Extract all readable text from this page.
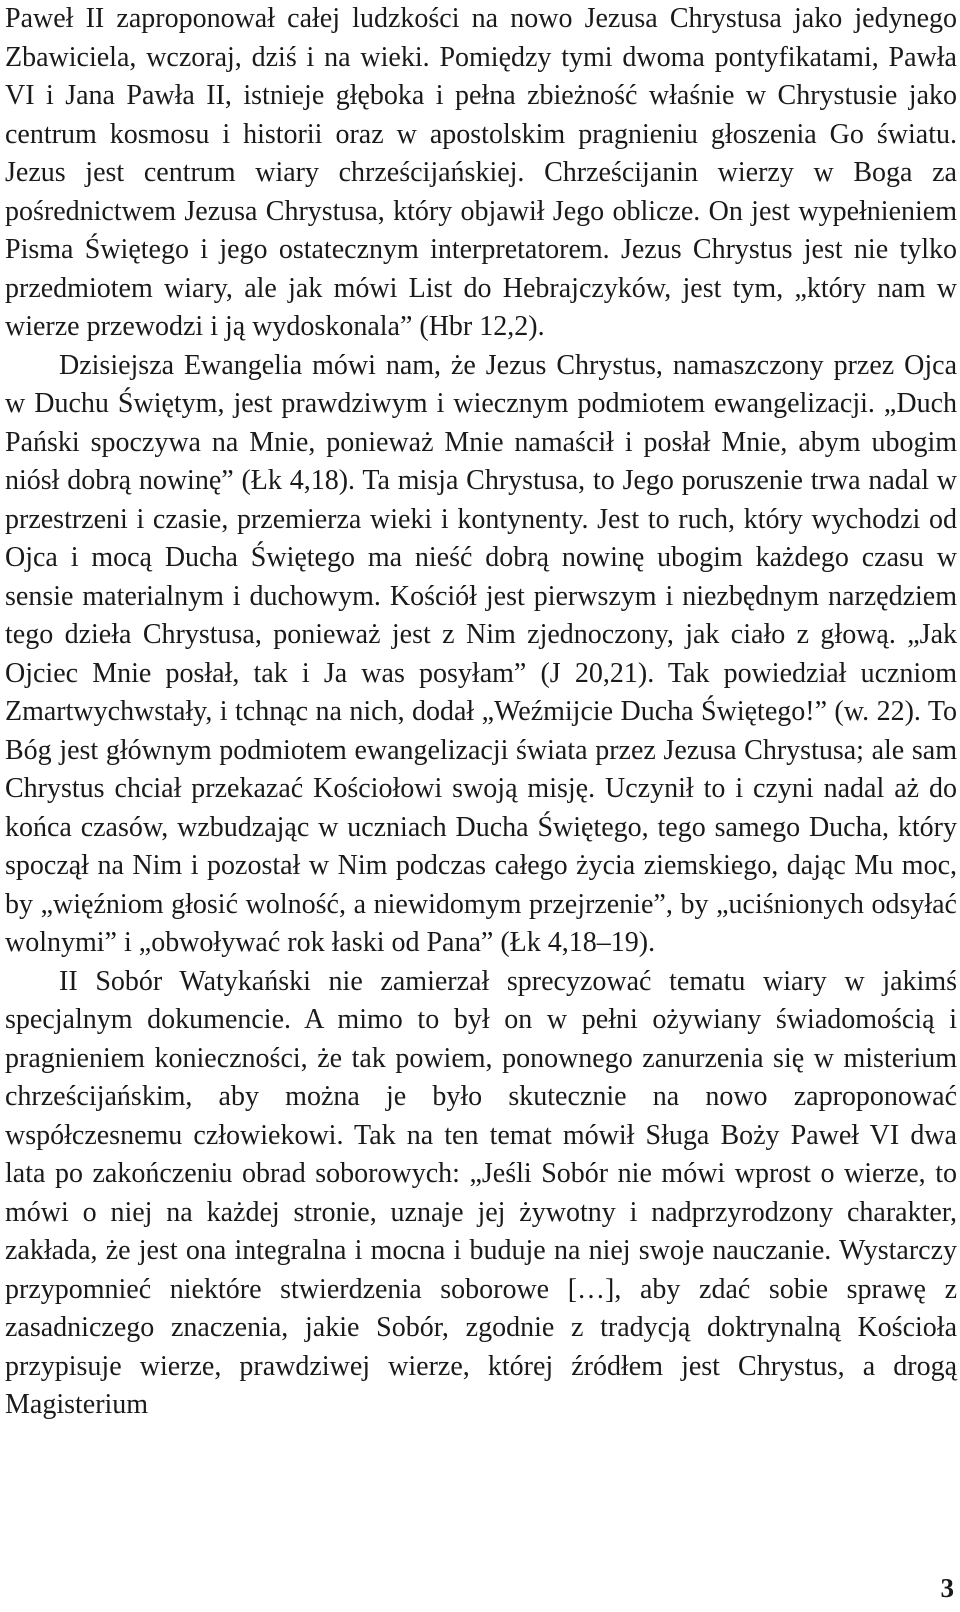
Paweł II zaproponował całej ludzkości na nowo Jezusa Chrystusa jako jedynego Zbawiciela, wczoraj, dziś i na wieki. Pomiędzy tymi dwoma pontyfikatami, Pawła VI i Jana Pawła II, istnieje głęboka i pełna zbieżność właśnie w Chrystusie jako centrum kosmosu i historii oraz w apostolskim pragnieniu głoszenia Go światu. Jezus jest centrum wiary chrześcijańskiej. Chrześcijanin wierzy w Boga za pośrednictwem Jezusa Chrystusa, który objawił Jego oblicze. On jest wypełnieniem Pisma Świętego i jego ostatecznym interpretatorem. Jezus Chrystus jest nie tylko przedmiotem wiary, ale jak mówi List do Hebrajczyków, jest tym, „który nam w wierze przewodzi i ją wydoskonala” (Hbr 12,2).

Dzisiejsza Ewangelia mówi nam, że Jezus Chrystus, namaszczony przez Ojca w Duchu Świętym, jest prawdziwym i wiecznym podmiotem ewangelizacji. „Duch Pański spoczywa na Mnie, ponieważ Mnie namaścił i posłał Mnie, abym ubogim niósł dobrą nowinę” (Łk 4,18). Ta misja Chrystusa, to Jego poruszenie trwa nadal w przestrzeni i czasie, przemierza wieki i kontynenty. Jest to ruch, który wychodzi od Ojca i mocą Ducha Świętego ma nieść dobrą nowinę ubogim każdego czasu w sensie materialnym i duchowym. Kościół jest pierwszym i niezbędnym narzędziem tego dzieła Chrystusa, ponieważ jest z Nim zjednoczony, jak ciało z głową. „Jak Ojciec Mnie posłał, tak i Ja was posyłam” (J 20,21). Tak powiedział uczniom Zmartwychwstały, i tchnąc na nich, dodał „Weźmijcie Ducha Świętego!” (w. 22). To Bóg jest głównym podmiotem ewangelizacji świata przez Jezusa Chrystusa; ale sam Chrystus chciał przekazać Kościołowi swoją misję. Uczynił to i czyni nadal aż do końca czasów, wzbudzając w uczniach Ducha Świętego, tego samego Ducha, który spoczął na Nim i pozostał w Nim podczas całego życia ziemskiego, dając Mu moc, by „więźniom głosić wolność, a niewidomym przejrzenie”, by „uciśnionych odsyłać wolnymi” i „obwoływać rok łaski od Pana” (Łk 4,18–19).

II Sobór Watykański nie zamierzał sprecyzować tematu wiary w jakimś specjalnym dokumencie. A mimo to był on w pełni ożywiany świadomością i pragnieniem konieczności, że tak powiem, ponownego zanurzenia się w misterium chrześcijańskim, aby można je było skutecznie na nowo zaproponować współczesnemu człowiekowi. Tak na ten temat mówił Sługa Boży Paweł VI dwa lata po zakończeniu obrad soborowych: „Jeśli Sobór nie mówi wprost o wierze, to mówi o niej na każdej stronie, uznaje jej żywotny i nadprzyrodzony charakter, zakłada, że jest ona integralna i mocna i buduje na niej swoje nauczanie. Wystarczy przypomnieć niektóre stwierdzenia soborowe […], aby zdać sobie sprawę z zasadniczego znaczenia, jakie Sobór, zgodnie z tradycją doktrynalną Kościoła przypisuje wierze, prawdziwej wierze, której źródłem jest Chrystus, a drogą Magisterium

3
